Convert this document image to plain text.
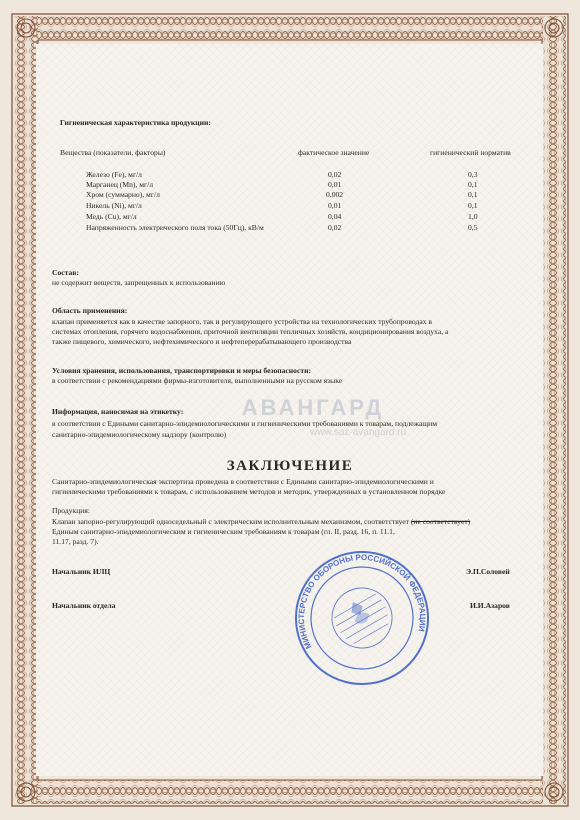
Гигиеническая характеристика продукции:
Вещества (показатели, факторы)	фактическое значение	гигиенический норматив
Железо (Fe), мг/л	0,02	0,3
Марганец (Mn), мг/л	0,01	0,1
Хром (суммарно), мг/л	0,002	0,1
Никель (Ni), мг/л	0,01	0,1
Медь (Cu), мг/л	0,04	1,0
Напряженность электрического поля тока (50Гц), кВ/м	0,02	0,5
Состав:
не содержит веществ, запрещенных к использованию
Область применения:
клапан применяется как в качестве запорного, так и регулирующего устройства на технологических трубопроводах в
системах отопления, горячего водоснабжения, приточной вентиляции тепличных хозяйств, кондиционирования воздуха, а
также пищевого, химического, нефтехимического и нефтеперерабатывающего производства
Условия хранения, использования, транспортировки и меры безопасности:
в соответствии с рекомендациями фирмы-изготовителя, выполненными на русском языке
АВАНГАРД
www.saz-avangard.ru
Информация, наносимая на этикетку:
в соответствии с Едиными санитарно-эпидемиологическими и гигиеническими требованиями к товарам, подлежащим
санитарно-эпидемиологическому надзору (контролю)
ЗАКЛЮЧЕНИЕ
Санитарно-эпидемиологическая экспертиза проведена в соответствии с Едиными санитарно-эпидемиологическими и
гигиеническими требованиями к товарам, с использованием методов и методик, утвержденных в установленном порядке
Продукция:
Клапан запорно-регулирующий односедельный с электрическим исполнительным механизмом, соответствует (не соответствует)
Единым санитарно-эпидемиологическим и гигиеническим требованиям к товарам (гл. II, разд. 16, п. 11.1,
11.17, разд. 7).
Начальник ИЛЦ	Э.П.Соловей
Начальник отдела	И.И.Азаров
МИНИСТЕРСТВО ОБОРОНЫ РОССИЙСКОЙ ФЕДЕРАЦИИ
